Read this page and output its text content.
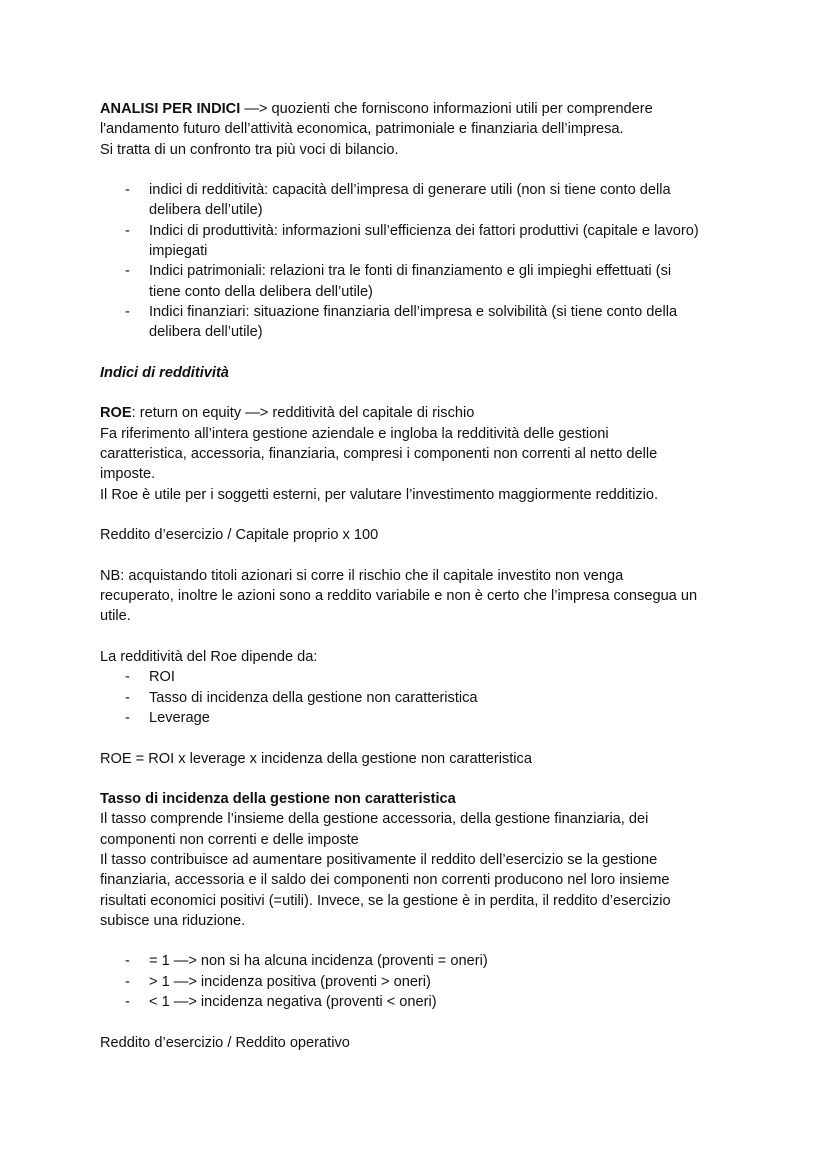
ANALISI PER INDICI —> quozienti che forniscono informazioni utili per comprendere
l'andamento futuro dell’attività economica, patrimoniale e finanziaria dell’impresa.
Si tratta di un confronto tra più voci di bilancio.
- indici di redditività: capacità dell’impresa di generare utili (non si tiene conto della
delibera dell’utile)
- Indici di produttività: informazioni sull’efficienza dei fattori produttivi (capitale e lavoro)
impiegati
- Indici patrimoniali: relazioni tra le fonti di finanziamento e gli impieghi effettuati (si
tiene conto della delibera dell’utile)
- Indici finanziari: situazione finanziaria dell’impresa e solvibilità (si tiene conto della
delibera dell’utile)
Indici di redditività
ROE: return on equity —> redditività del capitale di rischio
Fa riferimento all’intera gestione aziendale e ingloba la redditività delle gestioni
caratteristica, accessoria, finanziaria, compresi i componenti non correnti al netto delle
imposte.
Il Roe è utile per i soggetti esterni, per valutare l’investimento maggiormente redditizio.
Reddito d’esercizio / Capitale proprio x 100
NB: acquistando titoli azionari si corre il rischio che il capitale investito non venga
recuperato, inoltre le azioni sono a reddito variabile e non è certo che l’impresa consegua un
utile.
La redditività del Roe dipende da:
- ROI
- Tasso di incidenza della gestione non caratteristica
- Leverage
ROE = ROI x leverage x incidenza della gestione non caratteristica
Tasso di incidenza della gestione non caratteristica
Il tasso comprende l’insieme della gestione accessoria, della gestione finanziaria, dei
componenti non correnti e delle imposte
Il tasso contribuisce ad aumentare positivamente il reddito dell’esercizio se la gestione
finanziaria, accessoria e il saldo dei componenti non correnti producono nel loro insieme
risultati economici positivi (=utili). Invece, se la gestione è in perdita, il reddito d’esercizio
subisce una riduzione.
- = 1 —> non si ha alcuna incidenza (proventi = oneri)
- > 1 —> incidenza positiva (proventi > oneri)
- < 1 —> incidenza negativa (proventi < oneri)
Reddito d’esercizio / Reddito operativo
